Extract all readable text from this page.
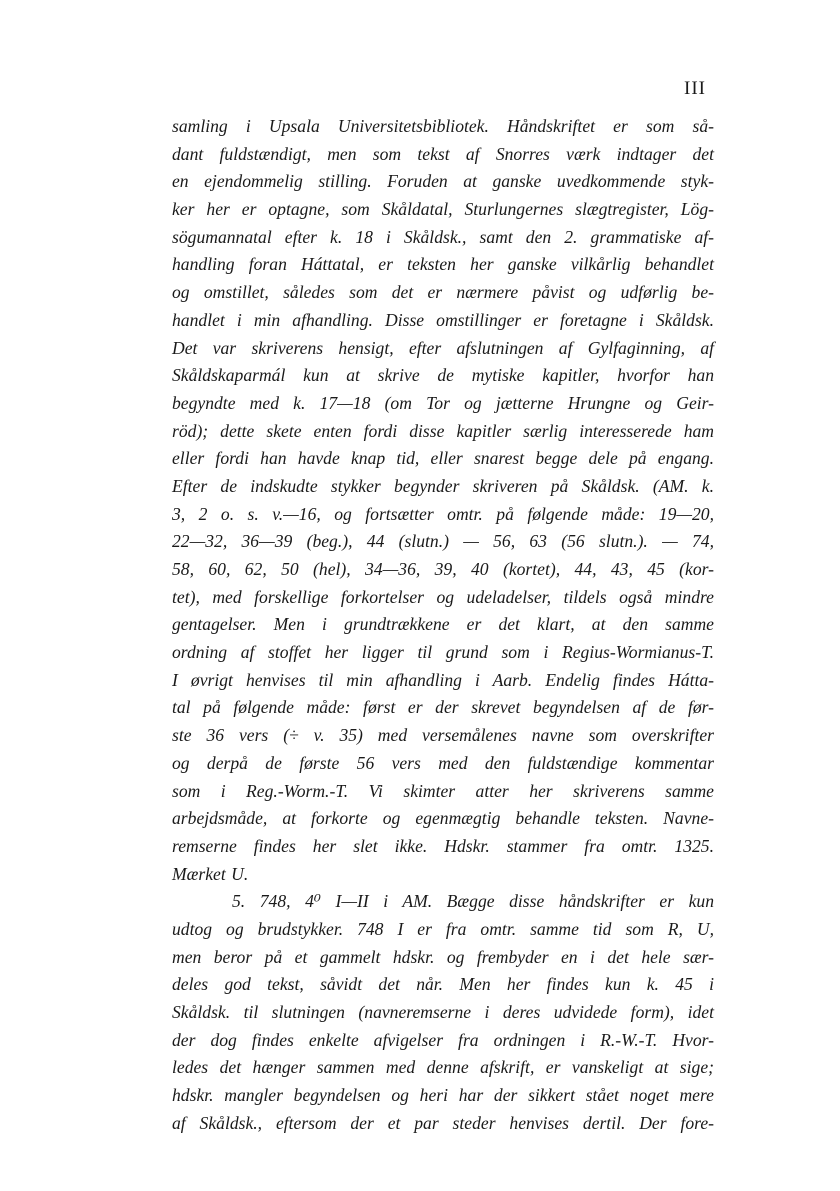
III
samling i Upsala Universitetsbibliotek. Håndskriftet er som så-
dant fuldstændigt, men som tekst af Snorres værk indtager det
en ejendommelig stilling. Foruden at ganske uvedkommende styk-
ker her er optagne, som Skåldatal, Sturlungernes slægtregister, Lög-
sögumannatal efter k. 18 i Skåldsk., samt den 2. grammatiske af-
handling foran Háttatal, er teksten her ganske vilkårlig behandlet
og omstillet, således som det er nærmere påvist og udførlig be-
handlet i min afhandling. Disse omstillinger er foretagne i Skåldsk.
Det var skriverens hensigt, efter afslutningen af Gylfaginning, af
Skåldskaparmál kun at skrive de mytiske kapitler, hvorfor han
begyndte med k. 17—18 (om Tor og jætterne Hrungne og Geir-
röd); dette skete enten fordi disse kapitler særlig interesserede ham
eller fordi han havde knap tid, eller snarest begge dele på engang.
Efter de indskudte stykker begynder skriveren på Skåldsk. (AM. k.
3, 2 o. s. v.—16, og fortsætter omtr. på følgende måde: 19—20,
22—32, 36—39 (beg.), 44 (slutn.) — 56, 63 (56 slutn.). — 74,
58, 60, 62, 50 (hel), 34—36, 39, 40 (kortet), 44, 43, 45 (kor-
tet), med forskellige forkortelser og udeladelser, tildels også mindre
gentagelser. Men i grundtrækkene er det klart, at den samme
ordning af stoffet her ligger til grund som i Regius-Wormianus-T.
I øvrigt henvises til min afhandling i Aarb. Endelig findes Hátta-
tal på følgende måde: først er der skrevet begyndelsen af de før-
ste 36 vers (÷ v. 35) med versemålenes navne som overskrifter
og derpå de første 56 vers med den fuldstændige kommentar
som i Reg.-Worm.-T. Vi skimter atter her skriverens samme
arbejdsmåde, at forkorte og egenmægtig behandle teksten. Navne-
remserne findes her slet ikke. Hdskr. stammer fra omtr. 1325.
Mærket U.
5. 748, 4⁰ I—II i AM. Bægge disse håndskrifter er kun
udtog og brudstykker. 748 I er fra omtr. samme tid som R, U,
men beror på et gammelt hdskr. og frembyder en i det hele sær-
deles god tekst, såvidt det når. Men her findes kun k. 45 i
Skåldsk. til slutningen (navneremserne i deres udvidede form), idet
der dog findes enkelte afvigelser fra ordningen i R.-W.-T. Hvor-
ledes det hænger sammen med denne afskrift, er vanskeligt at sige;
hdskr. mangler begyndelsen og heri har der sikkert stået noget mere
af Skåldsk., eftersom der et par steder henvises dertil. Der fore-
